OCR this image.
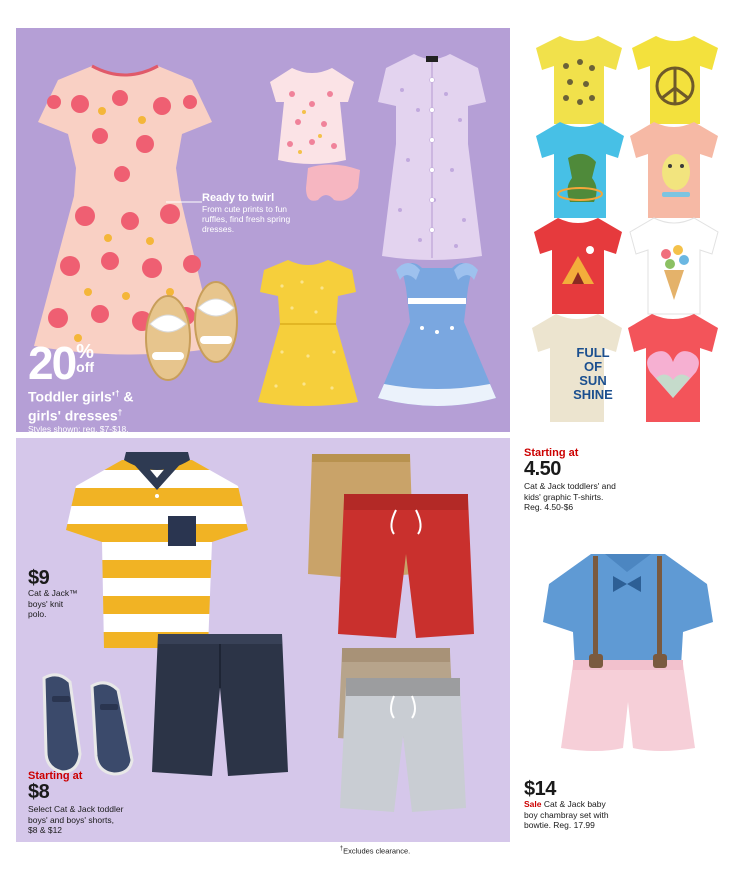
Ready to twirl
From cute prints to fun ruffles, find fresh spring dresses.
20 %
off
Toddler girls'† &
girls' dresses†
Styles shown: reg. $7-$18,
FULL
OF
SUN
SHINE
Starting at
4.50
Cat & Jack toddlers' and
kids' graphic T-shirts.
Reg. 4.50-$6
$9
Cat & Jack™
boys' knit
polo.
Starting at
$8
Select Cat & Jack toddler
boys' and boys' shorts,
$8 & $12
$14
Sale Cat & Jack baby
boy chambray set with
bowtie. Reg. 17.99
†Excludes clearance.
